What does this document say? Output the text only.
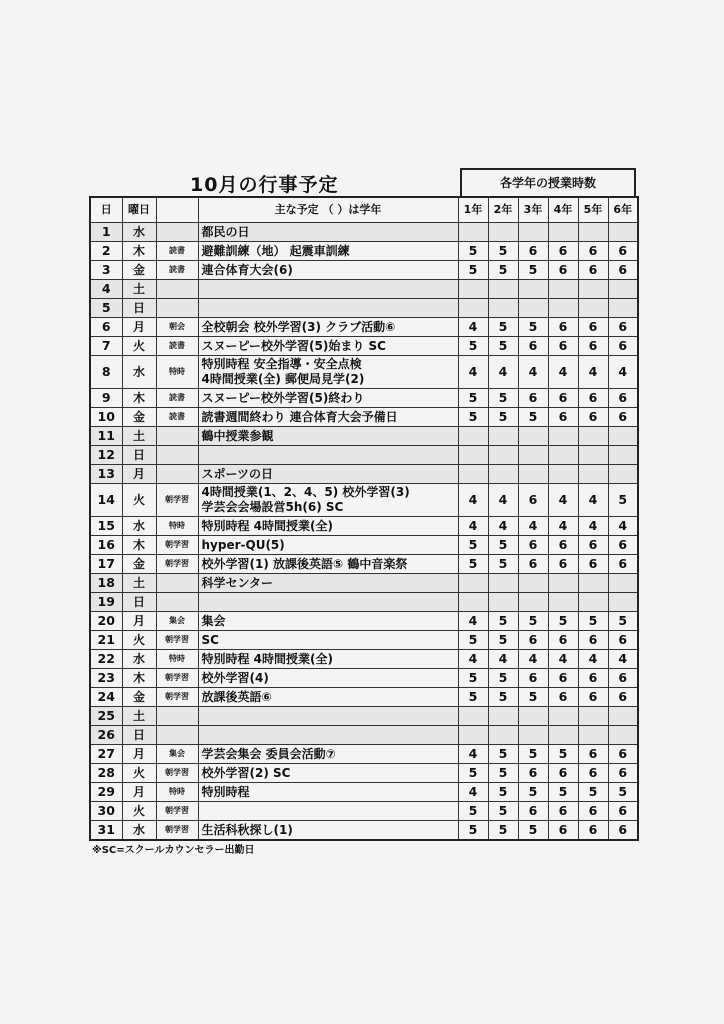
10月の行事予定	各学年の授業時数
日	曜日		主な予定 （ ）は学年	1年	2年	3年	4年	5年	6年
1	水		都民の日						

2	木	読書	避難訓練（地） 起震車訓練	5	5	6	6	6	6
3	金	読書	連合体育大会(6)	5	5	5	6	6	6
4	土		

5	日		

6	月	朝会	全校朝会 校外学習(3) クラブ活動⑥	4	5	5	6	6	6
7	火	読書	スヌーピー校外学習(5)始まり SC	5	5	6	6	6	6
8	水	特時	特別時程 安全指導・安全点検
4時間授業(全) 郵便局見学(2)	4	4	4	4	4	4
9	木	読書	スヌーピー校外学習(5)終わり	5	5	6	6	6	6
10	金	読書	読書週間終わり 連合体育大会予備日	5	5	5	6	6	6
11	土		鶴中授業参観						

12	日		

13	月		スポーツの日						

14	火	朝学習	4時間授業(1、2、4、5) 校外学習(3)
学芸会会場設営5h(6) SC	4	4	6	4	4	5
15	水	特時	特別時程 4時間授業(全)	4	4	4	4	4	4
16	木	朝学習	hyper-QU(5)	5	5	6	6	6	6
17	金	朝学習	校外学習(1) 放課後英語⑤ 鶴中音楽祭	5	5	6	6	6	6
18	土		科学センター						

19	日		

20	月	集会	集会	4	5	5	5	5	5
21	火	朝学習	SC	5	5	6	6	6	6
22	水	特時	特別時程 4時間授業(全)	4	4	4	4	4	4
23	木	朝学習	校外学習(4)	5	5	6	6	6	6
24	金	朝学習	放課後英語⑥	5	5	5	6	6	6
25	土		

26	日		

27	月	集会	学芸会集会 委員会活動⑦	4	5	5	5	6	6
28	火	朝学習	校外学習(2) SC	5	5	6	6	6	6
29	月	特時	特別時程	4	5	5	5	5	5
30	火	朝学習		5	5	6	6	6	6
31	水	朝学習	生活科秋探し(1)	5	5	5	6	6	6
※SC=スクールカウンセラー出勤日
